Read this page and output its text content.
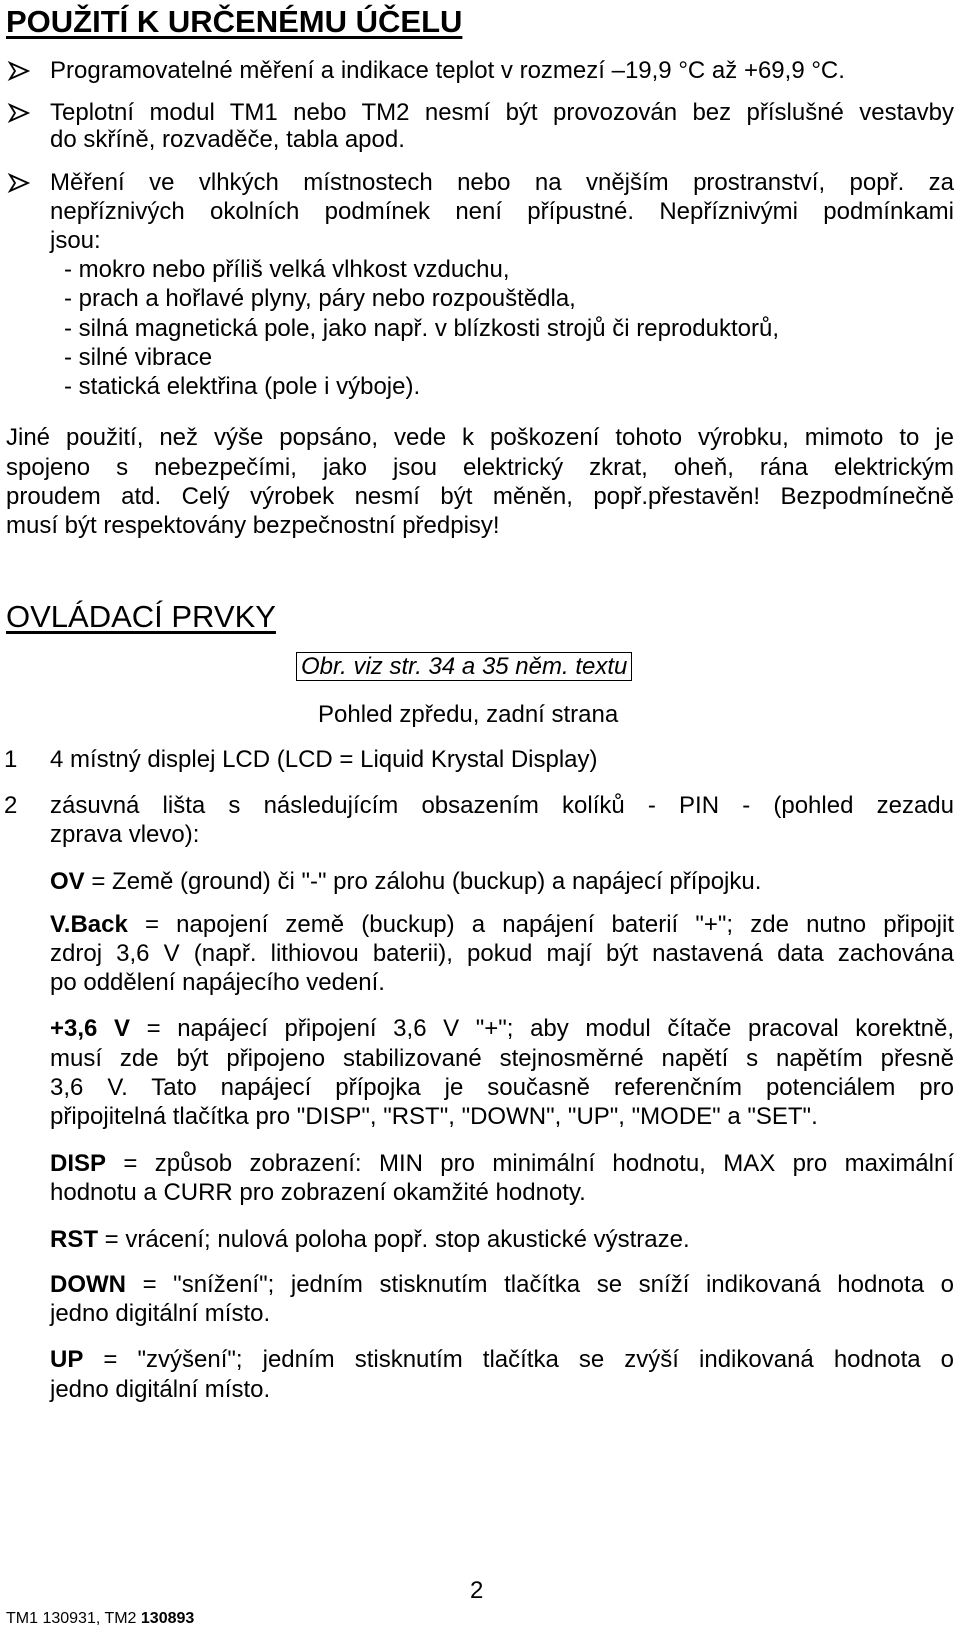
POUŽITÍ K URČENÉMU ÚČELU
Programovatelné měření a indikace teplot v rozmezí –19,9 °C až +69,9 °C.
Teplotní modul TM1 nebo TM2 nesmí být provozován bez příslušné vestavby
do skříně, rozvaděče, tabla apod.
Měření ve vlhkých místnostech nebo na vnějším prostranství, popř. za
nepříznivých okolních podmínek není přípustné. Nepříznivými podmínkami
jsou:
- mokro nebo příliš velká vlhkost vzduchu,
- prach a hořlavé plyny, páry nebo rozpouštědla,
- silná magnetická pole, jako např. v blízkosti strojů či reproduktorů,
- silné vibrace
- statická elektřina (pole i výboje).
Jiné použití, než výše popsáno, vede k poškození tohoto výrobku, mimoto to je
spojeno s nebezpečími, jako jsou elektrický zkrat, oheň, rána elektrickým
proudem atd. Celý výrobek nesmí být měněn, popř.přestavěn! Bezpodmínečně
musí být respektovány bezpečnostní předpisy!
OVLÁDACÍ PRVKY
Obr. viz str. 34 a 35 něm. textu
Pohled zpředu, zadní strana
1 4 místný displej LCD (LCD = Liquid Krystal Display)
2 zásuvná lišta s následujícím obsazením kolíků - PIN - (pohled zezadu
zprava vlevo):
OV = Země (ground) či "-" pro zálohu (buckup) a napájecí přípojku.
V.Back = napojení země (buckup) a napájení baterií "+"; zde nutno připojit
zdroj 3,6 V (např. lithiovou baterii), pokud mají být nastavená data zachována
po oddělení napájecího vedení.
+3,6 V = napájecí připojení 3,6 V "+"; aby modul čítače pracoval korektně,
musí zde být připojeno stabilizované stejnosměrné napětí s napětím přesně
3,6 V. Tato napájecí přípojka je současně referenčním potenciálem pro
připojitelná tlačítka pro "DISP", "RST", "DOWN", "UP", "MODE" a "SET".
DISP = způsob zobrazení: MIN pro minimální hodnotu, MAX pro maximální
hodnotu a CURR pro zobrazení okamžité hodnoty.
RST = vrácení; nulová poloha popř. stop akustické výstraze.
DOWN = "snížení"; jedním stisknutím tlačítka se sníží indikovaná hodnota o
jedno digitální místo.
UP = "zvýšení"; jedním stisknutím tlačítka se zvýší indikovaná hodnota o
jedno digitální místo.
2
TM1 130931, TM2 130893
